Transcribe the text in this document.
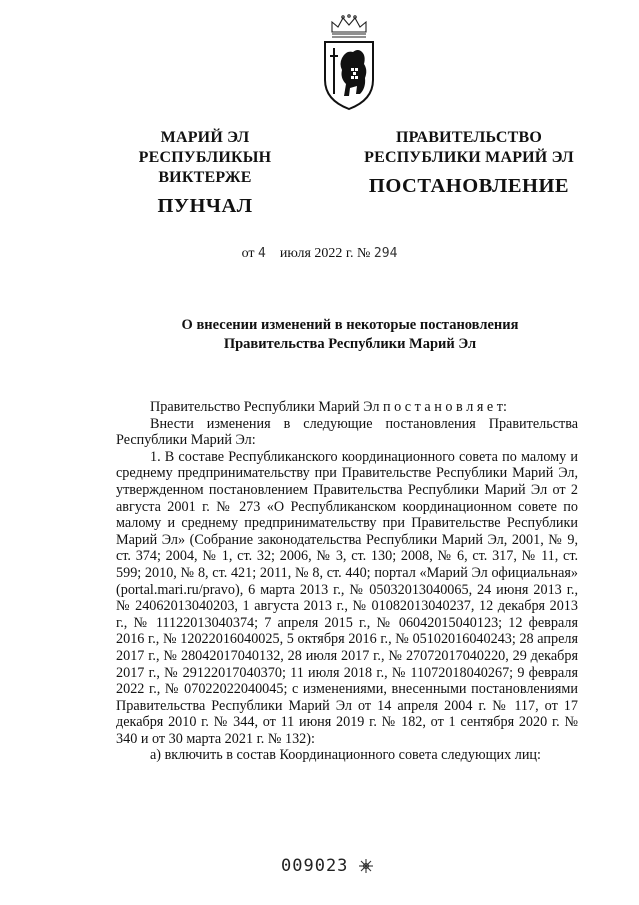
МАРИЙ ЭЛ РЕСПУБЛИКЫН
ВИКТЕРЖЕ
ПУНЧАЛ
ПРАВИТЕЛЬСТВО
РЕСПУБЛИКИ МАРИЙ ЭЛ
ПОСТАНОВЛЕНИЕ
от 4 июля 2022 г. № 294
О внесении изменений в некоторые постановления
Правительства Республики Марий Эл

Правительство Республики Марий Эл п о с т а н о в л я е т:

Внести изменения в следующие постановления Правительства Республики Марий Эл:

1. В составе Республиканского координационного совета по малому и среднему предпринимательству при Правительстве Республики Марий Эл, утвержденном постановлением Правительства Республики Марий Эл от 2 августа 2001 г. № 273 «О Республиканском координационном совете по малому и среднему предпринимательству при Правительстве Республики Марий Эл» (Собрание законодательства Республики Марий Эл, 2001, № 9, ст. 374; 2004, № 1, ст. 32; 2006, № 3, ст. 130; 2008, № 6, ст. 317, № 11, ст. 599; 2010, № 8, ст. 421; 2011, № 8, ст. 440; портал «Марий Эл официальная» (portal.mari.ru/pravo), 6 марта 2013 г., № 05032013040065, 24 июня 2013 г., № 24062013040203, 1 августа 2013 г., № 01082013040237, 12 декабря 2013 г., № 11122013040374; 7 апреля 2015 г., № 06042015040123; 12 февраля 2016 г., № 12022016040025, 5 октября 2016 г., № 05102016040243; 28 апреля 2017 г., № 28042017040132, 28 июля 2017 г., № 27072017040220, 29 декабря 2017 г., № 29122017040370; 11 июля 2018 г., № 11072018040267; 9 февраля 2022 г., № 07022022040045; с изменениями, внесенными постановлениями Правительства Республики Марий Эл от 14 апреля 2004 г. № 117, от 17 декабря 2010 г. № 344, от 11 июня 2019 г. № 182, от 1 сентября 2020 г. № 340 и от 30 марта 2021 г. № 132):

а) включить в состав Координационного совета следующих лиц:

009023
